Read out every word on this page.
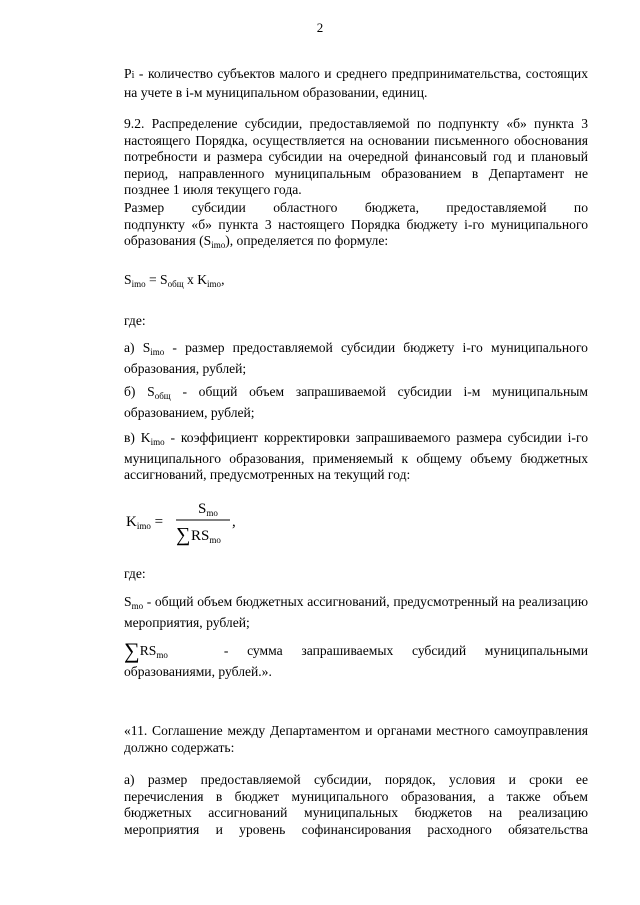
2

Pi - количество субъектов малого и среднего предпринимательства, состоящих на учете в i-м муниципальном образовании, единиц.

9.2. Распределение субсидии, предоставляемой по подпункту «б» пункта 3 настоящего Порядка, осуществляется на основании письменного обоснования потребности и размера субсидии на очередной финансовый год и плановый период, направленного муниципальным образованием в Департамент не позднее 1 июля текущего года.

Размер субсидии областного бюджета, предоставляемой по
подпункту «б» пункта 3 настоящего Порядка бюджету i-го муниципального образования $(S_{imo})$, определяется по формуле:

$S_{imo} = S_{общ}$ x $K_{imo}$,
где:

а) $S_{imo}$ - размер предоставляемой субсидии бюджету i-го муниципального образования, рублей;

б) $S_{общ}$ - общий объем запрашиваемой субсидии i-м муниципальным образованием, рублей;

в) $K_{imo}$ - коэффициент корректировки запрашиваемого размера субсидии i-го муниципального образования, применяемый к общему объему бюджетных ассигнований, предусмотренных на текущий год:

$K_{imo}$ =
$S_{mo}$
∑ $RS_{mo}$
,
где:

$S_{mo}$ - общий объем бюджетных ассигнований, предусмотренный на реализацию мероприятия, рублей;

$\sum RS_{mo}$   - сумма запрашиваемых субсидий муниципальными
образованиями, рублей.».

«11. Соглашение между Департаментом и органами местного самоуправления должно содержать:

а) размер предоставляемой субсидии, порядок, условия и сроки ее перечисления в бюджет муниципального образования, а также объем бюджетных ассигнований муниципальных бюджетов на реализацию мероприятия и уровень софинансирования расходного обязательства
